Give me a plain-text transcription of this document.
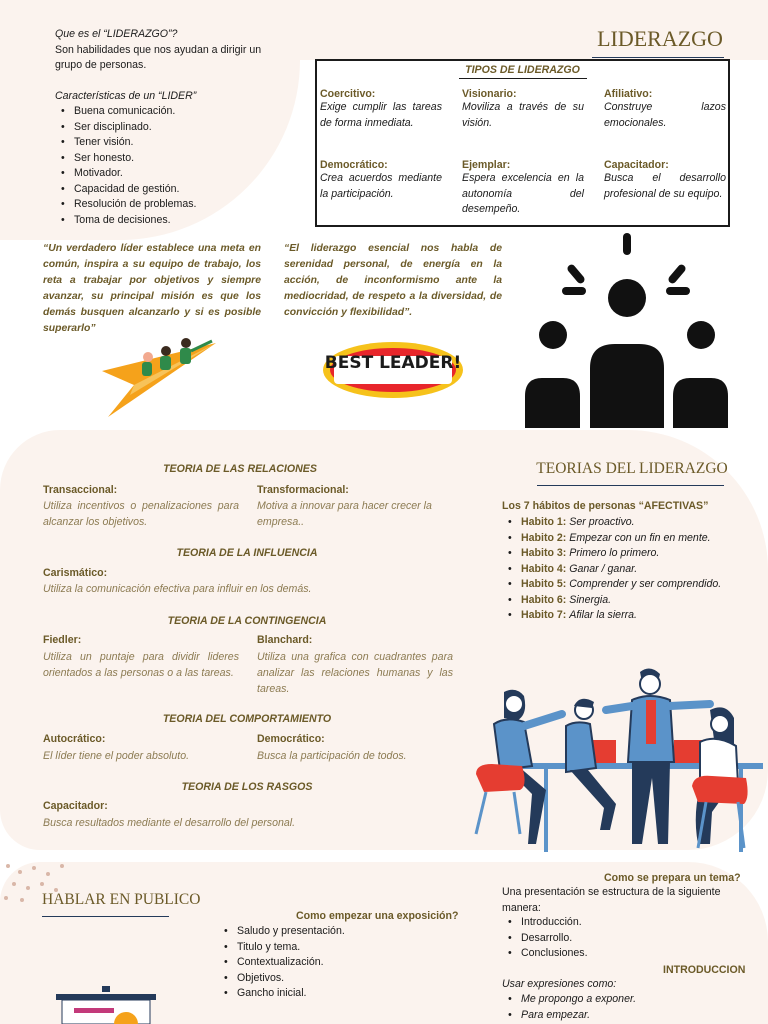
Que es el “LIDERAZGO”?
Son habilidades que nos ayudan a dirigir un grupo de personas.
Características de un “LIDER”
• Buena comunicación.
• Ser disciplinado.
• Tener visión.
• Ser honesto.
• Motivador.
• Capacidad de gestión.
• Resolución de problemas.
• Toma de decisiones.
LIDERAZGO
TIPOS DE LIDERAZGO
Coercitivo:
Exige cumplir las tareas de forma inmediata.
Visionario:
Moviliza a través de su visión.
Afiliativo:
Construye lazos emocionales.
Democrático:
Crea acuerdos mediante la participación.
Ejemplar:
Espera excelencia en la autonomía del desempeño.
Capacitador:
Busca el desarrollo profesional de su equipo.
“Un verdadero líder establece una meta en común, inspira a su equipo de trabajo, los reta a trabajar por objetivos y siempre avanzar, su principal misión es que los demás busquen alcanzarlo y si es posible superarlo”
“El liderazgo esencial nos habla de serenidad personal, de energía en la acción, de inconformismo ante la mediocridad, de respeto a la diversidad, de convicción y flexibilidad”.
BEST LEADER!
TEORIA DE LAS RELACIONES
Transaccional:
Utiliza incentivos o penalizaciones para alcanzar los objetivos.
Transformacional:
Motiva a innovar para hacer crecer la empresa..
TEORIA DE LA INFLUENCIA
Carismático:
Utiliza la comunicación efectiva para influir en los demás.
TEORIA DE LA CONTINGENCIA
Fiedler:
Utiliza un puntaje para dividir lideres orientados a las personas o a las tareas.
Blanchard:
Utiliza una grafica con cuadrantes para analizar las relaciones humanas y las tareas.
TEORIA DEL COMPORTAMIENTO
Autocrático:
El líder tiene el poder absoluto.
Democrático:
Busca la participación de todos.
TEORIA DE LOS RASGOS
Capacitador:
Busca resultados mediante el desarrollo del personal.
TEORIAS DEL LIDERAZGO
Los 7 hábitos de personas “AFECTIVAS”
• Habito 1: Ser proactivo.
• Habito 2: Empezar con un fin en mente.
• Habito 3: Primero lo primero.
• Habito 4: Ganar / ganar.
• Habito 5: Comprender y ser comprendido.
• Habito 6: Sinergia.
• Habito 7: Afilar la sierra.
HABLAR EN PUBLICO
Como empezar una exposición?
• Saludo y presentación.
• Titulo y tema.
• Contextualización.
• Objetivos.
• Gancho inicial.
Como se prepara un tema?
Una presentación se estructura de la siguiente manera:
• Introducción.
• Desarrollo.
• Conclusiones.
INTRODUCCION
Usar expresiones como:
• Me propongo a exponer.
• Para empezar.
